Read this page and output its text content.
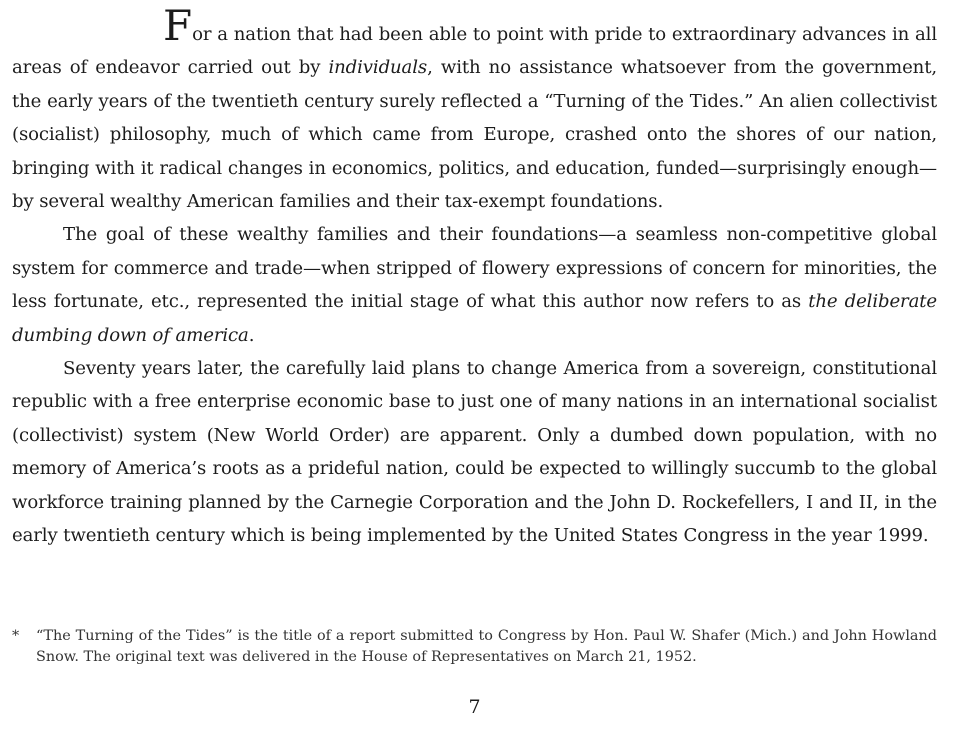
For a nation that had been able to point with pride to extraordinary advances in all areas of endeavor carried out by individuals, with no assistance whatsoever from the government, the early years of the twentieth century surely reflected a “Turning of the Tides.” An alien collectivist (socialist) philosophy, much of which came from Europe, crashed onto the shores of our nation, bringing with it radical changes in economics, politics, and education, funded—surprisingly enough—by several wealthy American families and their tax-exempt foundations.

The goal of these wealthy families and their foundations—a seamless non-competitive global system for commerce and trade—when stripped of flowery expressions of concern for minorities, the less fortunate, etc., represented the initial stage of what this author now refers to as the deliberate dumbing down of america.

Seventy years later, the carefully laid plans to change America from a sovereign, constitutional republic with a free enterprise economic base to just one of many nations in an international socialist (collectivist) system (New World Order) are apparent. Only a dumbed down population, with no memory of America’s roots as a prideful nation, could be expected to willingly succumb to the global workforce training planned by the Carnegie Corporation and the John D. Rockefellers, I and II, in the early twentieth century which is being implemented by the United States Congress in the year 1999.

*	“The Turning of the Tides” is the title of a report submitted to Congress by Hon. Paul W. Shafer (Mich.) and John Howland Snow. The original text was delivered in the House of Representatives on March 21, 1952.
7
